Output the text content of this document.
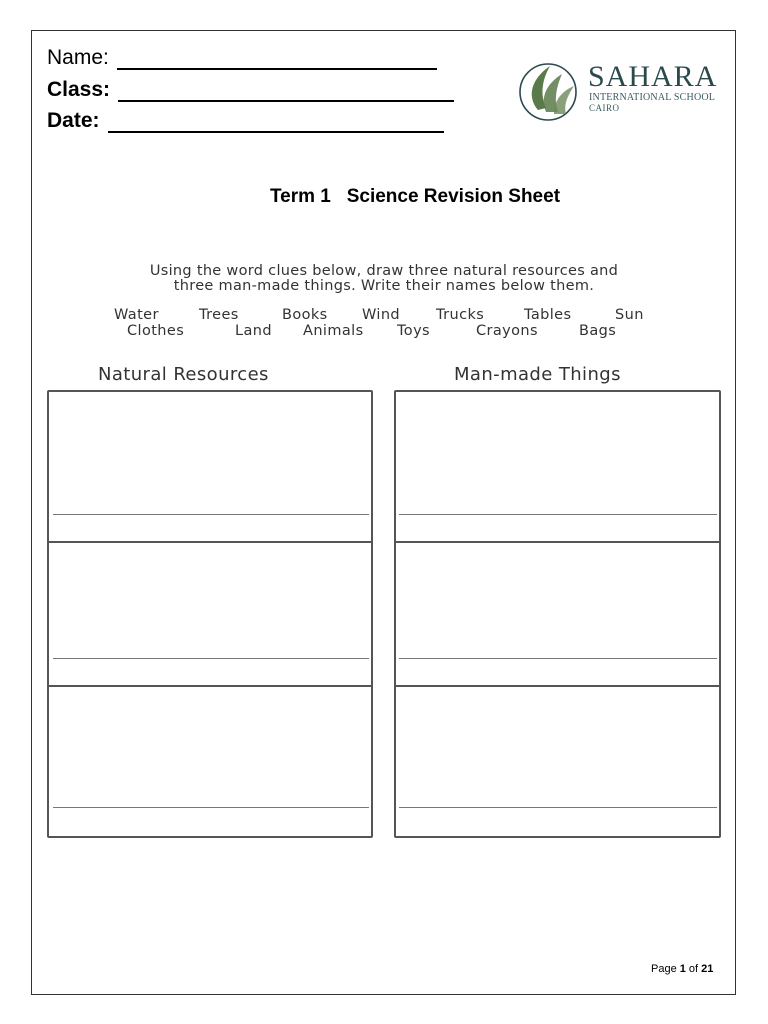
Name:
Class:
Date:
SAHARA
INTERNATIONAL SCHOOL
CAIRO
Term 1   Science Revision Sheet
Using the word clues below, draw three natural resources and
three man-made things. Write their names below them.
Water	Trees	Books Wind Trucks	Tables	Sun
Clothes	Land Animals Toys	Crayons	Bags
Natural Resources	Man-made Things
Page 1 of 21
